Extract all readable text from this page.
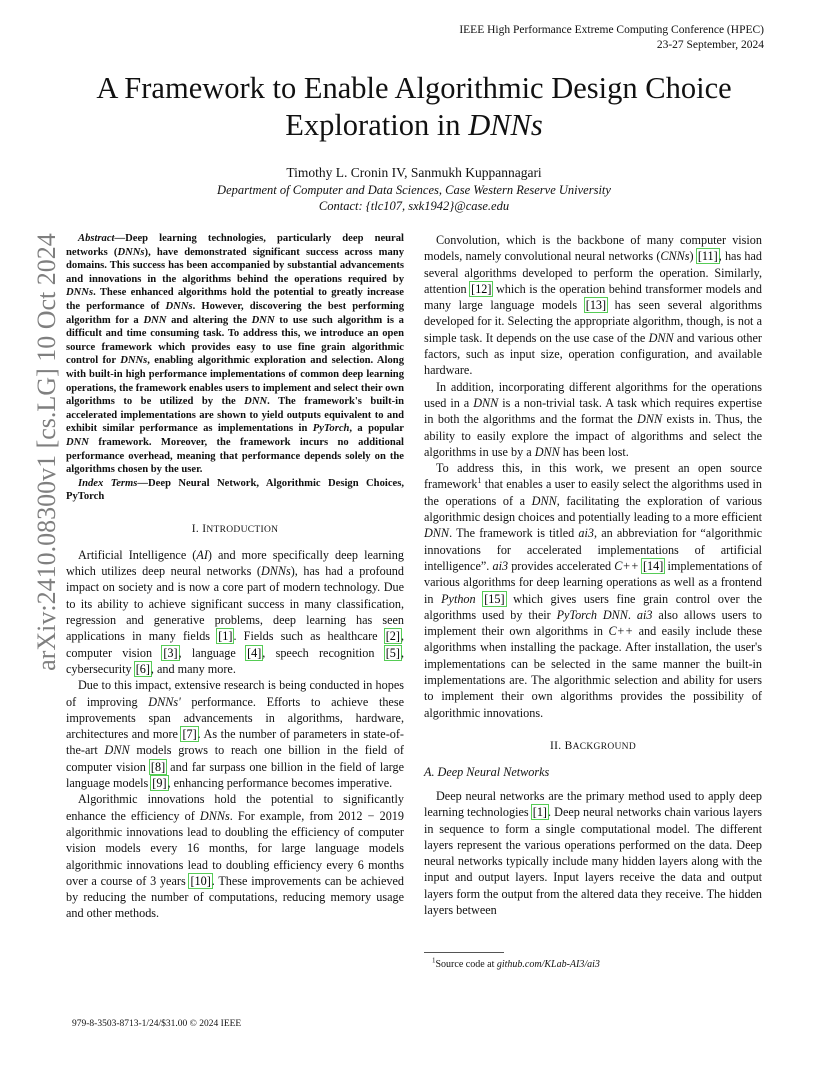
IEEE High Performance Extreme Computing Conference (HPEC)
23-27 September, 2024
A Framework to Enable Algorithmic Design Choice Exploration in DNNs
Timothy L. Cronin IV, Sanmukh Kuppannagari
Department of Computer and Data Sciences, Case Western Reserve University
Contact: {tlc107, sxk1942}@case.edu
arXiv:2410.08300v1 [cs.LG] 10 Oct 2024	Abstract—Deep learning technologies, particularly deep neural networks (DNNs), have demonstrated significant success across many domains. This success has been accompanied by substantial advancements and innovations in the algorithms behind the operations required by DNNs. These enhanced algorithms hold the potential to greatly increase the performance of DNNs. However, discovering the best performing algorithm for a DNN and altering the DNN to use such algorithm is a difficult and time consuming task. To address this, we introduce an open source framework which provides easy to use fine grain algorithmic control for DNNs, enabling algorithmic exploration and selection. Along with built-in high performance implementations of common deep learning operations, the framework enables users to implement and select their own algorithms to be utilized by the DNN. The framework's built-in accelerated implementations are shown to yield outputs equivalent to and exhibit similar performance as implementations in PyTorch, a popular DNN framework. Moreover, the framework incurs no additional performance overhead, meaning that performance depends solely on the algorithms chosen by the user.

Index Terms—Deep Neural Network, Algorithmic Design Choices, PyTorch

I. INTRODUCTION

Artificial Intelligence (AI) and more specifically deep learning which utilizes deep neural networks (DNNs), has had a profound impact on society and is now a core part of modern technology. Due to its ability to achieve significant success in many classification, regression and generative problems, deep learning has seen applications in many fields [1]. Fields such as healthcare [2], computer vision [3], language [4], speech recognition [5], cybersecurity [6], and many more.

Due to this impact, extensive research is being conducted in hopes of improving DNNs' performance. Efforts to achieve these improvements span advancements in algorithms, hardware, architectures and more [7]. As the number of parameters in state-of-the-art DNN models grows to reach one billion in the field of computer vision [8] and far surpass one billion in the field of large language models [9], enhancing performance becomes imperative.

Algorithmic innovations hold the potential to significantly enhance the efficiency of DNNs. For example, from 2012 − 2019 algorithmic innovations lead to doubling the efficiency of computer vision models every 16 months, for large language models algorithmic innovations lead to doubling efficiency every 6 months over a course of 3 years [10]. These improvements can be achieved by reducing the number of computations, reducing memory usage and other methods.

Convolution, which is the backbone of many computer vision models, namely convolutional neural networks (CNNs) [11], has had several algorithms developed to perform the operation. Similarly, attention [12] which is the operation behind transformer models and many large language models [13] has seen several algorithms developed for it. Selecting the appropriate algorithm, though, is not a simple task. It depends on the use case of the DNN and various other factors, such as input size, operation configuration, and available hardware.

In addition, incorporating different algorithms for the operations used in a DNN is a non-trivial task. A task which requires expertise in both the algorithms and the format the DNN exists in. Thus, the ability to easily explore the impact of algorithms and select the algorithms in use by a DNN has been lost.

To address this, in this work, we present an open source framework$^1$ that enables a user to easily select the algorithms used in the operations of a DNN, facilitating the exploration of various algorithmic design choices and potentially leading to a more efficient DNN. The framework is titled ai3, an abbreviation for “algorithmic innovations for accelerated implementations of artificial intelligence”. ai3 provides accelerated C++ [14] implementations of various algorithms for deep learning operations as well as a frontend in Python [15] which gives users fine grain control over the algorithms used by their PyTorch DNN. ai3 also allows users to implement their own algorithms in C++ and easily include these algorithms when installing the package. After installation, the user's implementations can be selected in the same manner the built-in implementations are. The algorithmic selection and ability for users to implement their own algorithms provides the possibility of algorithmic innovations.

II. BACKGROUND
A. Deep Neural Networks

Deep neural networks are the primary method used to apply deep learning technologies [1]. Deep neural networks chain various layers in sequence to form a single computational model. The different layers represent the various operations performed on the data. Deep neural networks typically include many hidden layers along with the input and output layers. Input layers receive the data and output layers form the output from the altered data they receive. The hidden layers between

$^1$Source code at github.com/KLab-AI3/ai3
979-8-3503-8713-1/24/$31.00 © 2024 IEEE
